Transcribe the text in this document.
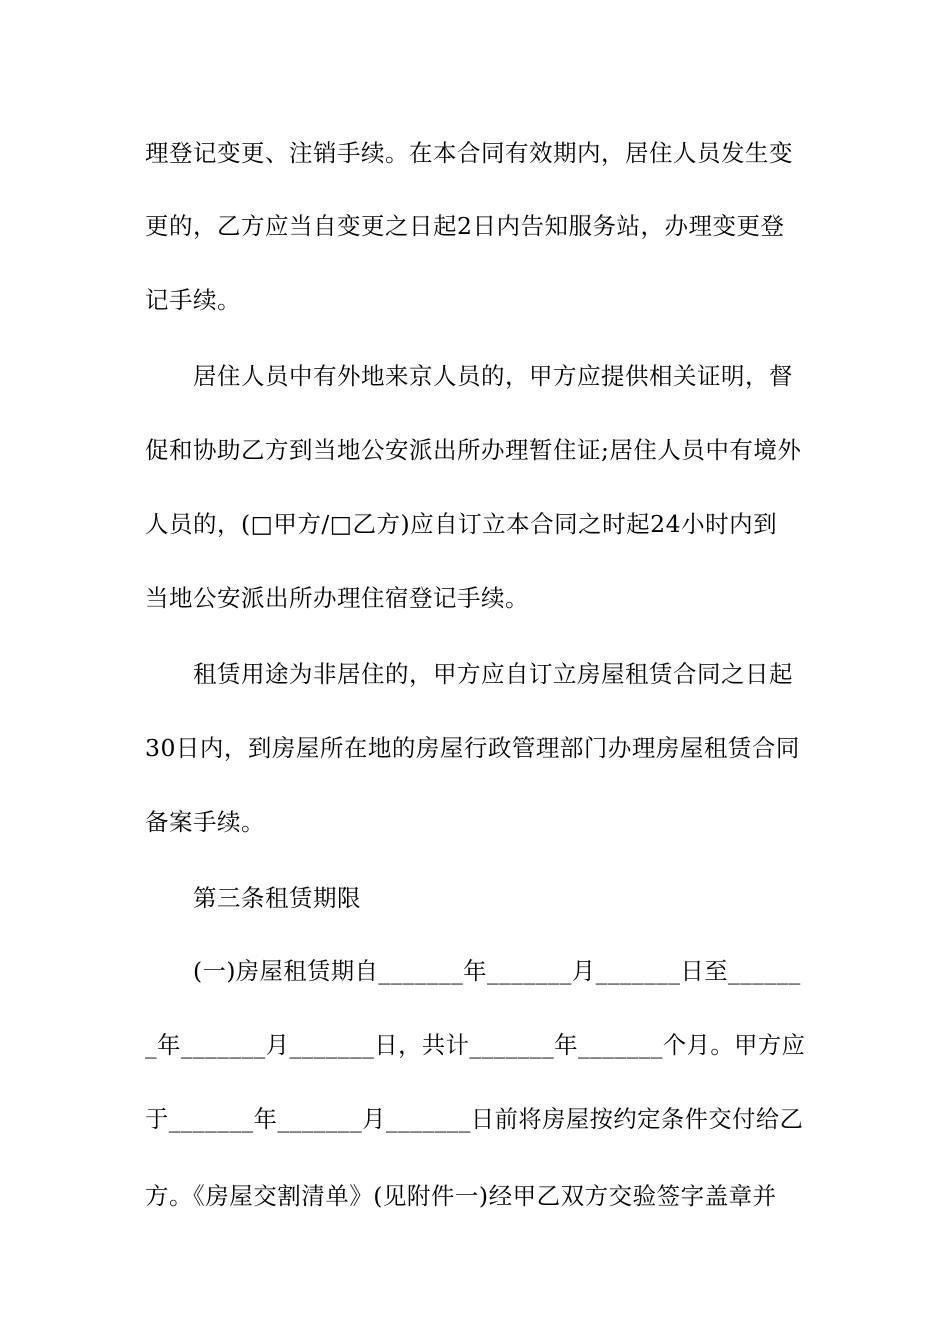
理登记变更、注销手续。在本合同有效期内，居住人员发生变

更的，乙方应当自变更之日起2日内告知服务站，办理变更登

记手续。

居住人员中有外地来京人员的，甲方应提供相关证明，督

促和协助乙方到当地公安派出所办理暂住证;居住人员中有境外

人员的，(□甲方/□乙方)应自订立本合同之时起24小时内到

当地公安派出所办理住宿登记手续。

租赁用途为非居住的，甲方应自订立房屋租赁合同之日起

30日内，到房屋所在地的房屋行政管理部门办理房屋租赁合同

备案手续。

第三条租赁期限

(一)房屋租赁期自_______年_______月_______日至______

_年_______月_______日，共计_______年_______个月。甲方应

于_______年_______月_______日前将房屋按约定条件交付给乙

方。《房屋交割清单》(见附件一)经甲乙双方交验签字盖章并
